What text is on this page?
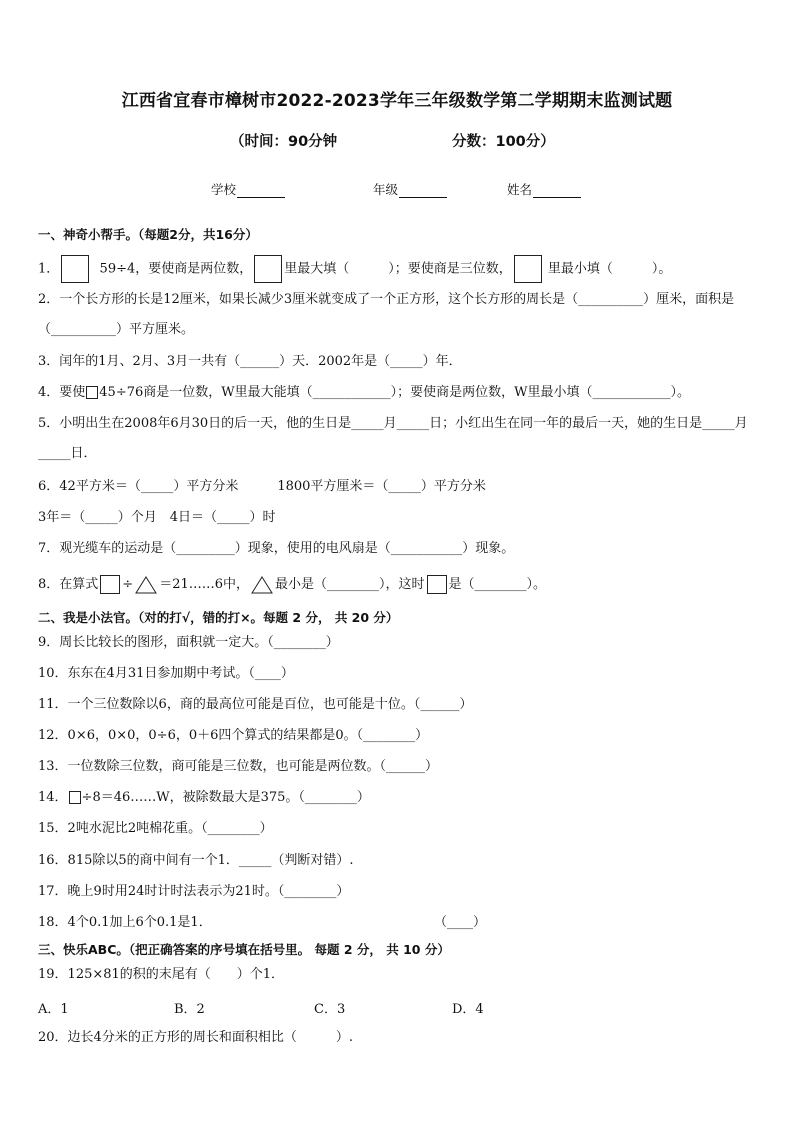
江西省宜春市樟树市2022-2023学年三年级数学第二学期期末监测试题
（时间：90分钟	分数：100分）
学校	年级	姓名
一、神奇小帮手。（每题2分，共16分）
1．	59÷4，要使商是两位数， 里最大填（　　　）；要使商是三位数，	里最小填（　　　）。
2．一个长方形的长是12厘米，如果长减少3厘米就变成了一个正方形，这个长方形的周长是（__________）厘米，面积是（__________）平方厘米。
3．闰年的1月、2月、3月一共有（______）天．2002年是（_____）年．
4．要使 45÷76商是一位数，W里最大能填（____________）；要使商是两位数，W里最小填（____________）。
5．小明出生在2008年6月30日的后一天，他的生日是_____月_____日；小红出生在同一年的最后一天，她的生日是_____月_____日．
6．42平方米＝（_____）平方分米　　　1800平方厘米＝（_____）平方分米
3年＝（_____）个月　4日＝（_____）时
7．观光缆车的运动是（_________）现象，使用的电风扇是（___________）现象。
8．在算式 ÷ ＝21……6中， 最小是（________），这时 是（________）。
二、我是小法官。（对的打√，错的打×。每题 2 分， 共 20 分）
9．周长比较长的图形，面积就一定大。（________）
10．东东在4月31日参加期中考试。（____）
11．一个三位数除以6，商的最高位可能是百位，也可能是十位。（______）
12．0×6，0×0，0÷6，0＋6四个算式的结果都是0。（________）
13．一位数除三位数，商可能是三位数，也可能是两位数。（______）
14． ÷8＝46……W，被除数最大是375。（________）
15．2吨水泥比2吨棉花重。（________）
16．815除以5的商中间有一个1．_____（判断对错）.
17．晚上9时用24时计时法表示为21时。（________）
18．4个0.1加上6个0.1是1．	（____）
三、快乐ABC。（把正确答案的序号填在括号里。 每题 2 分， 共 10 分）
19．125×81的积的末尾有（　　）个1．
A．1	B．2	C．3	D．4
20．边长4分米的正方形的周长和面积相比（　　　）.
